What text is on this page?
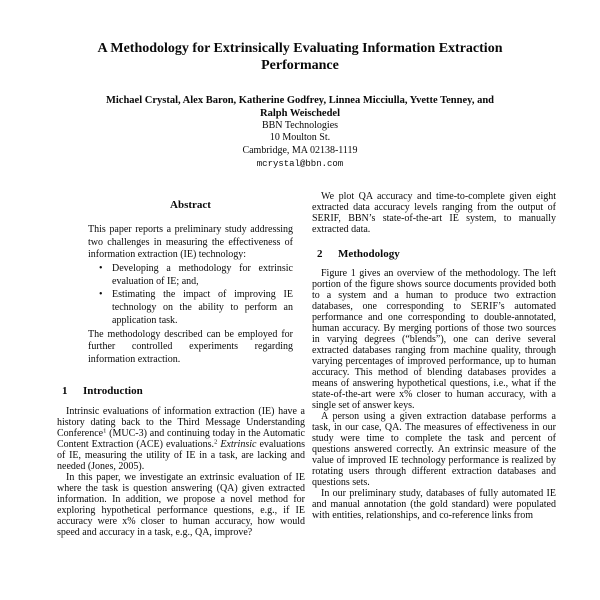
A Methodology for Extrinsically Evaluating Information Extraction Performance
Michael Crystal, Alex Baron, Katherine Godfrey, Linnea Micciulla, Yvette Tenney, and
Ralph Weischedel
BBN Technologies
10 Moulton St.
Cambridge, MA 02138-1119
mcrystal@bbn.com
Abstract

This paper reports a preliminary study addressing two challenges in measuring the effectiveness of information extraction (IE) technology:

• Developing a methodology for extrinsic evaluation of IE; and,
• Estimating the impact of improving IE technology on the ability to perform an application task.

The methodology described can be employed for further controlled experiments regarding information extraction.

1 Introduction

Intrinsic evaluations of information extraction (IE) have a history dating back to the Third Message Understanding Conference$^1$ (MUC-3) and continuing today in the Automatic Content Extraction (ACE) evaluations.$^2$ Extrinsic evaluations of IE, measuring the utility of IE in a task, are lacking and needed (Jones, 2005).

In this paper, we investigate an extrinsic evaluation of IE where the task is question answering (QA) given extracted information. In addition, we propose a novel method for exploring hypothetical performance questions, e.g., if IE accuracy were x% closer to human accuracy, how would speed and accuracy in a task, e.g., QA, improve?

We plot QA accuracy and time-to-complete given eight extracted data accuracy levels ranging from the output of SERIF, BBN’s state-of-the-art IE system, to manually extracted data.

2 Methodology

Figure 1 gives an overview of the methodology. The left portion of the figure shows source documents provided both to a system and a human to produce two extraction databases, one corresponding to SERIF’s automated performance and one corresponding to double-annotated, human accuracy. By merging portions of those two sources in varying degrees (“blends”), one can derive several extracted databases ranging from machine quality, through varying percentages of improved performance, up to human accuracy. This method of blending databases provides a means of answering hypothetical questions, i.e., what if the state-of-the-art were x% closer to human accuracy, with a single set of answer keys.

A person using a given extraction database performs a task, in our case, QA. The measures of effectiveness in our study were time to complete the task and percent of questions answered correctly. An extrinsic measure of the value of improved IE technology performance is realized by rotating users through different extraction databases and questions sets.

In our preliminary study, databases of fully automated IE and manual annotation (the gold standard) were populated with entities, relationships, and co-reference links from
